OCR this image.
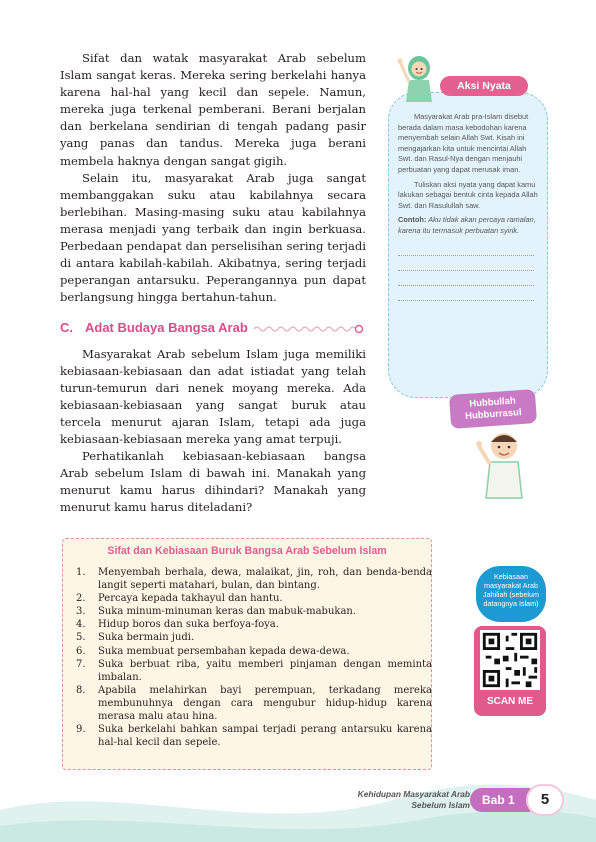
Sifat dan watak masyarakat Arab sebelum Islam sangat keras. Mereka sering berkelahi hanya karena hal-hal yang kecil dan sepele. Namun, mereka juga terkenal pemberani. Berani berjalan dan berkelana sendirian di tengah padang pasir yang panas dan tandus. Mereka juga berani membela haknya dengan sangat gigih.

Selain itu, masyarakat Arab juga sangat membanggakan suku atau kabilahnya secara berlebihan. Masing-masing suku atau kabilahnya merasa menjadi yang terbaik dan ingin berkuasa. Perbedaan pendapat dan perselisihan sering terjadi di antara kabilah-kabilah. Akibatnya, sering terjadi peperangan antarsuku. Peperangannya pun dapat berlangsung hingga bertahun-tahun.

C. Adat Budaya Bangsa Arab

Masyarakat Arab sebelum Islam juga memiliki kebiasaan-kebiasaan dan adat istiadat yang telah turun-temurun dari nenek moyang mereka. Ada kebiasaan-kebiasaan yang sangat buruk atau tercela menurut ajaran Islam, tetapi ada juga kebiasaan-kebiasaan mereka yang amat terpuji.

Perhatikanlah kebiasaan-kebiasaan bangsa Arab sebelum Islam di bawah ini. Manakah yang menurut kamu harus dihindari? Manakah yang menurut kamu harus diteladani?

Aksi Nyata

Masyarakat Arab pra-Islam disebut berada dalam masa kebodohan karena menyembah selain Allah Swt. Kisah ini mengajarkan kita untuk mencintai Allah Swt. dan Rasul-Nya dengan menjauhi perbuatan yang dapat merusak iman.

Tuliskan aksi nyata yang dapat kamu lakukan sebagai bentuk cinta kepada Allah Swt. dan Rasulullah saw.

Contoh: Aku tidak akan percaya ramalan, karena itu termasuk perbuatan syirik.

Hubbullah Hubburrasul
Sifat dan Kebiasaan Buruk Bangsa Arab Sebelum Islam
1.	Menyembah berhala, dewa, malaikat, jin, roh, dan benda-benda langit seperti matahari, bulan, dan bintang.
2.	Percaya kepada takhayul dan hantu.
3.	Suka minum-minuman keras dan mabuk-mabukan.
4.	Hidup boros dan suka berfoya-foya.
5.	Suka bermain judi.
6.	Suka membuat persembahan kepada dewa-dewa.
7.	Suka berbuat riba, yaitu memberi pinjaman dengan meminta imbalan.
8.	Apabila melahirkan bayi perempuan, terkadang mereka membunuhnya dengan cara mengubur hidup-hidup karena merasa malu atau hina.
9.	Suka berkelahi bahkan sampai terjadi perang antarsuku karena hal-hal kecil dan sepele.
Kebiasaan masyarakat Arab Jahiliah (sebelum datangnya Islam)
SCAN ME
Kehidupan Masyarakat Arab
Sebelum Islam	Bab 1	5
